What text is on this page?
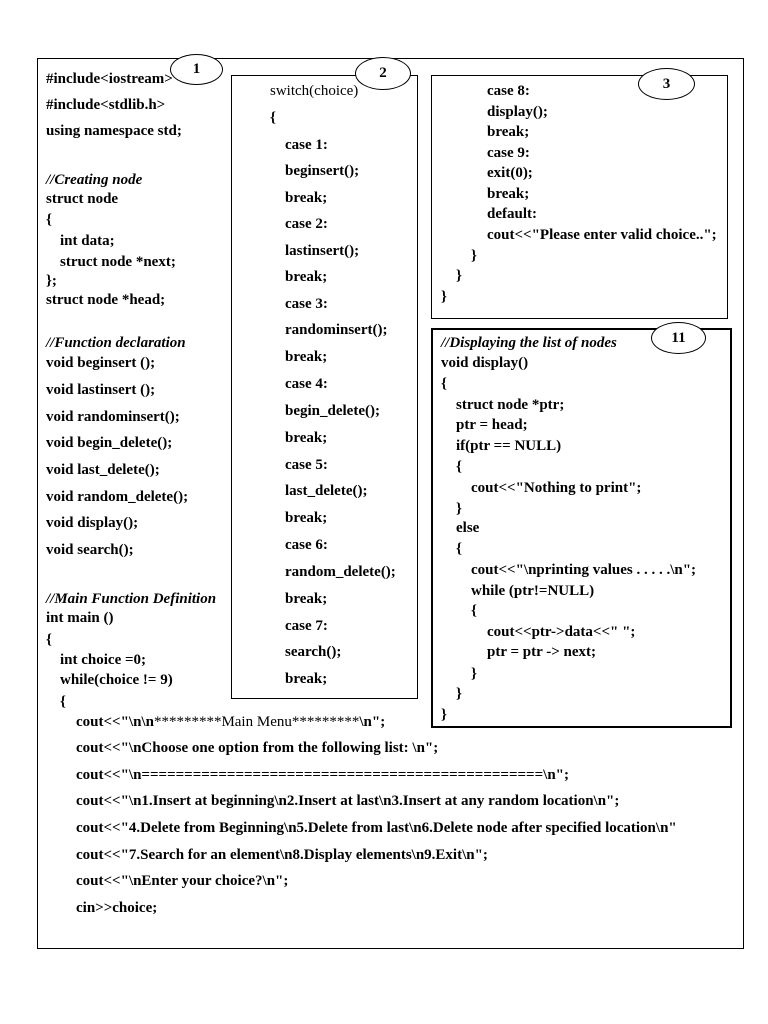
1	2
3
11
#include<iostream>
#include<stdlib.h>
using namespace std;
//Creating node
struct node
{
int data;
struct node *next;
};
struct node *head;
//Function declaration
void beginsert ();
void lastinsert ();
void randominsert();
void begin_delete();
void last_delete();
void random_delete();
void display();
void search();
//Main Function Definition
int main ()
{
int choice =0;
while(choice != 9)
{
cout<<"\n\n*********Main Menu*********\n";
cout<<"\nChoose one option from the following list: \n";
cout<<"\n===============================================\n";
cout<<"\n1.Insert at beginning\n2.Insert at last\n3.Insert at any random location\n";
cout<<"4.Delete from Beginning\n5.Delete from last\n6.Delete node after specified location\n"
cout<<"7.Search for an element\n8.Display elements\n9.Exit\n";
cout<<"\nEnter your choice?\n";
cin>>choice;
switch(choice)
{
case 1:
beginsert();
break;
case 2:
lastinsert();
break;
case 3:
randominsert();
break;
case 4:
begin_delete();
break;
case 5:
last_delete();
break;
case 6:
random_delete();
break;
case 7:
search();
break;
case 8:
display();
break;
case 9:
exit(0);
break;
default:
cout<<"Please enter valid choice..";
}
}
}
//Displaying the list of nodes
void display()
{
struct node *ptr;
ptr = head;
if(ptr == NULL)
{
cout<<"Nothing to print";
}
else
{
cout<<"\nprinting values . . . . .\n";
while (ptr!=NULL)
{
cout<<ptr->data<<" ";
ptr = ptr -> next;
}
}
}
